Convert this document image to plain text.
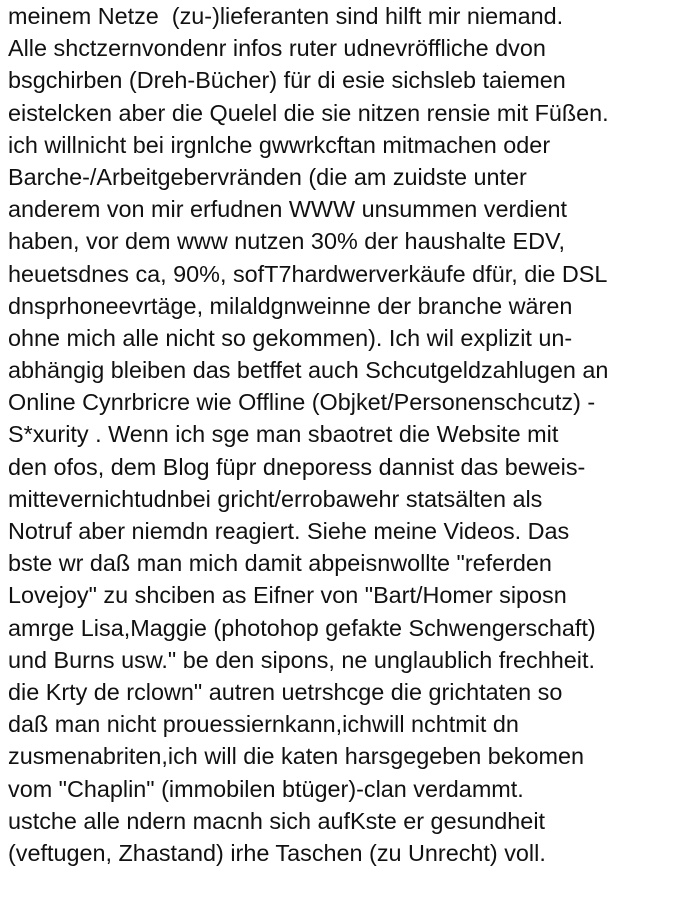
meinem Netze  (zu-)lieferanten sind hilft mir niemand.
Alle shctzernvondenr infos ruter udnevröffliche dvon
bsgchirben (Dreh-Bücher) für di esie sichsleb taiemen
eistelcken aber die Quelel die sie nitzen rensie mit Füßen.
ich willnicht bei irgnlche gwwrkcftan mitmachen oder
Barche-/Arbeitgebervränden (die am zuidste unter
anderem von mir erfudnen WWW unsummen verdient
haben, vor dem www nutzen 30% der haushalte EDV,
heuetsdnes ca, 90%, sofT7hardwerverkäufe dfür, die DSL
dnsprhoneevrtäge, milaldgnweinne der branche wären
ohne mich alle nicht so gekommen). Ich wil explizit un-
abhängig bleiben das betffet auch Schcutgeldzahlugen an
Online Cynrbricre wie Offline (Objket/Personenschcutz) -
S*xurity . Wenn ich sge man sbaotret die Website mit
den ofos, dem Blog füpr dneporess dannist das beweis-
mittevernichtudnbei gricht/errobawehr statsälten als
Notruf aber niemdn reagiert. Siehe meine Videos. Das
bste wr daß man mich damit abpeisnwollte "referden
Lovejoy" zu shciben as Eifner von "Bart/Homer siposn
amrge Lisa,Maggie (photohop gefakte Schwengerschaft)
und Burns usw." be den sipons, ne unglaublich frechheit.
die Krty de rclown" autren uetrshcge die grichtaten so
daß man nicht prouessiernkann,ichwill nchtmit dn
zusmenabriten,ich will die katen harsgegeben bekomen
vom "Chaplin" (immobilen btüger)-clan verdammt.
ustche alle ndern macnh sich aufKste er gesundheit
(veftugen, Zhastand) irhe Taschen (zu Unrecht) voll.
